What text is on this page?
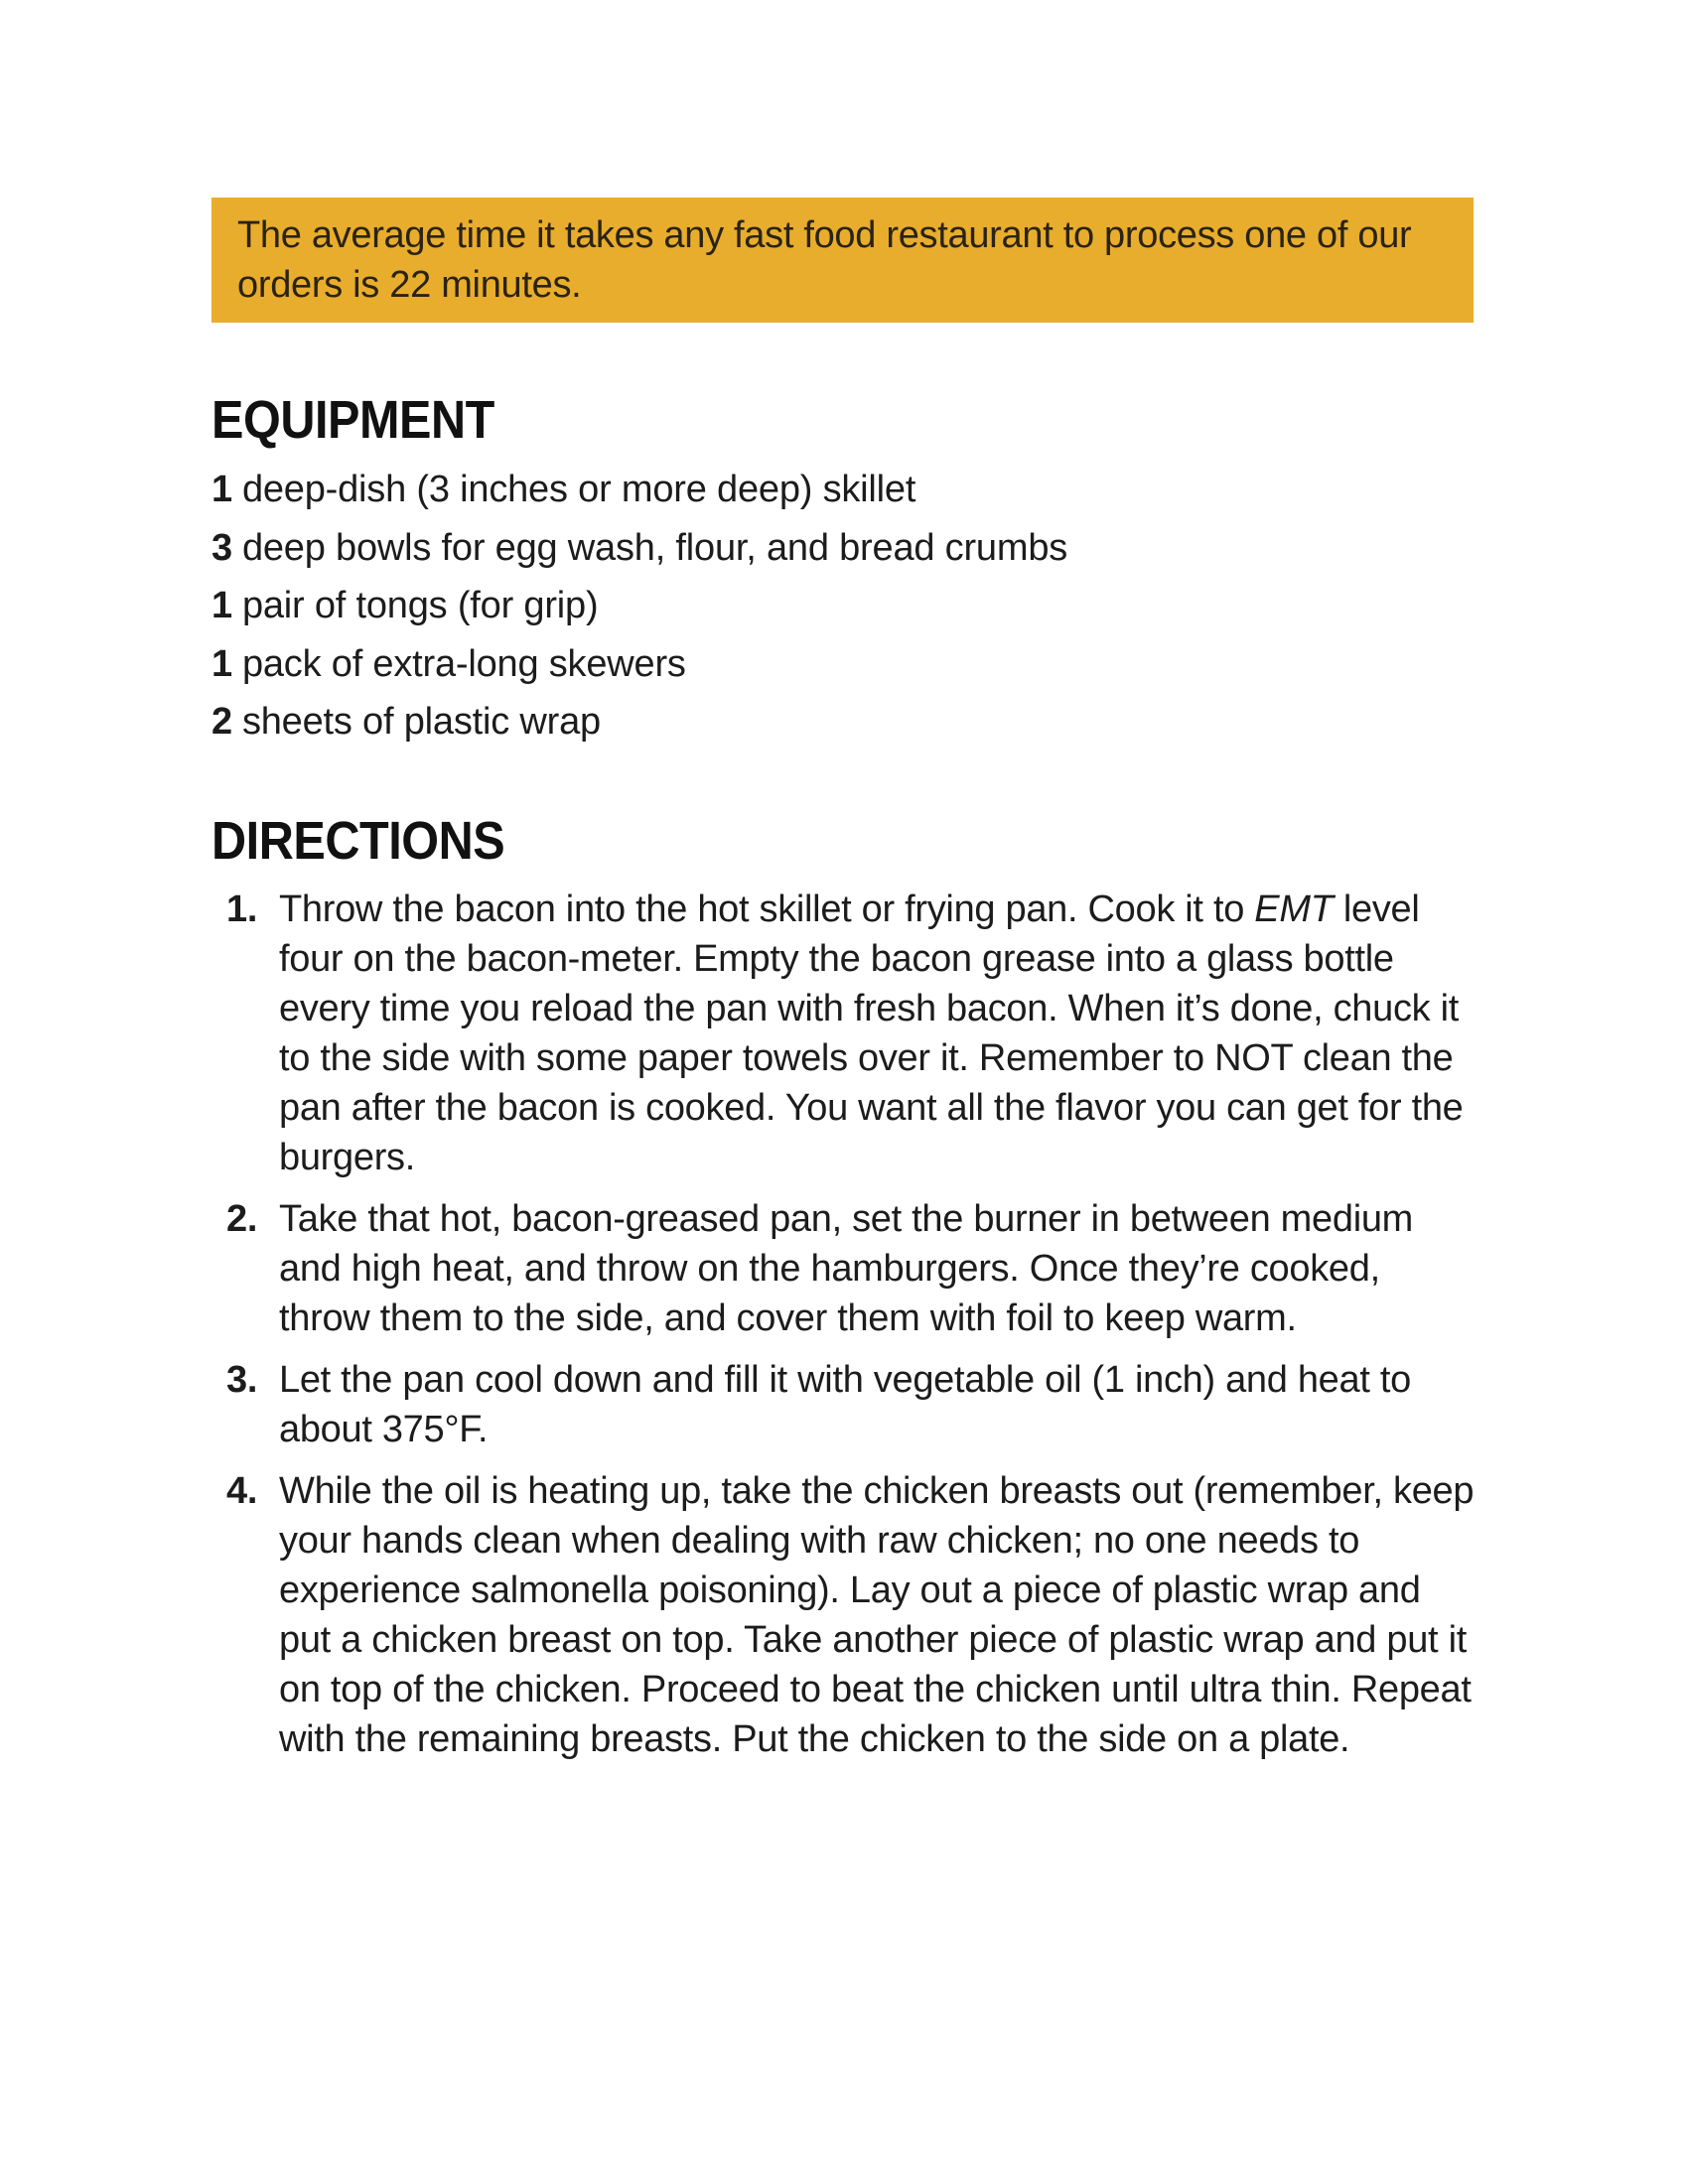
The average time it takes any fast food restaurant to process one of our orders is 22 minutes.
EQUIPMENT
1 deep-dish (3 inches or more deep) skillet
3 deep bowls for egg wash, flour, and bread crumbs
1 pair of tongs (for grip)
1 pack of extra-long skewers
2 sheets of plastic wrap
DIRECTIONS
1. Throw the bacon into the hot skillet or frying pan. Cook it to EMT level four on the bacon-meter. Empty the bacon grease into a glass bottle every time you reload the pan with fresh bacon. When it’s done, chuck it to the side with some paper towels over it. Remember to NOT clean the pan after the bacon is cooked. You want all the flavor you can get for the burgers.
2. Take that hot, bacon-greased pan, set the burner in between medium and high heat, and throw on the hamburgers. Once they’re cooked, throw them to the side, and cover them with foil to keep warm.
3. Let the pan cool down and fill it with vegetable oil (1 inch) and heat to about 375°F.
4. While the oil is heating up, take the chicken breasts out (remember, keep your hands clean when dealing with raw chicken; no one needs to experience salmonella poisoning). Lay out a piece of plastic wrap and put a chicken breast on top. Take another piece of plastic wrap and put it on top of the chicken. Proceed to beat the chicken until ultra thin. Repeat with the remaining breasts. Put the chicken to the side on a plate.
